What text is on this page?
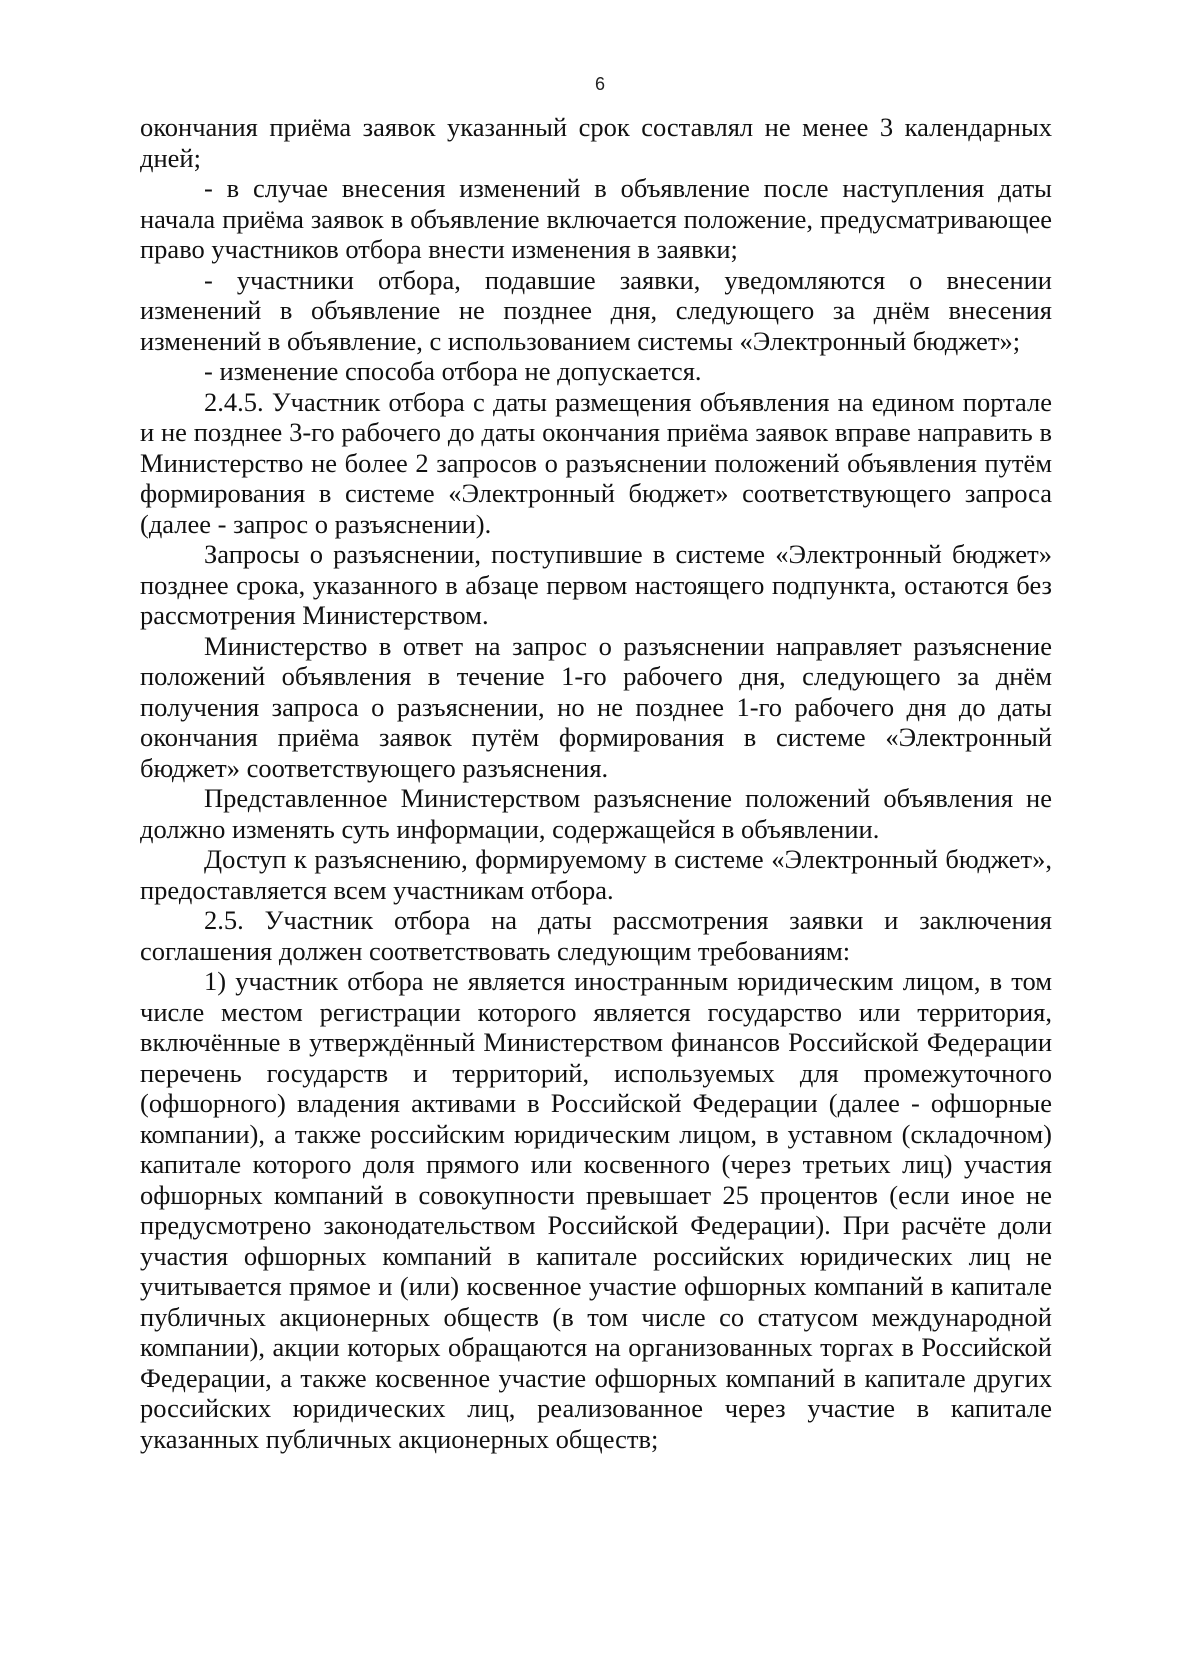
6

окончания приёма заявок указанный срок составлял не менее 3 календарных дней;

- в случае внесения изменений в объявление после наступления даты начала приёма заявок в объявление включается положение, предусматривающее право участников отбора внести изменения в заявки;

- участники отбора, подавшие заявки, уведомляются о внесении изменений в объявление не позднее дня, следующего за днём внесения изменений в объявление, с использованием системы «Электронный бюджет»;

- изменение способа отбора не допускается.

2.4.5. Участник отбора с даты размещения объявления на едином портале и не позднее 3-го рабочего до даты окончания приёма заявок вправе направить в Министерство не более 2 запросов о разъяснении положений объявления путём формирования в системе «Электронный бюджет» соответствующего запроса (далее - запрос о разъяснении).

Запросы о разъяснении, поступившие в системе «Электронный бюджет» позднее срока, указанного в абзаце первом настоящего подпункта, остаются без рассмотрения Министерством.

Министерство в ответ на запрос о разъяснении направляет разъяснение положений объявления в течение 1-го рабочего дня, следующего за днём получения запроса о разъяснении, но не позднее 1-го рабочего дня до даты окончания приёма заявок путём формирования в системе «Электронный бюджет» соответствующего разъяснения.

Представленное Министерством разъяснение положений объявления не должно изменять суть информации, содержащейся в объявлении.

Доступ к разъяснению, формируемому в системе «Электронный бюджет», предоставляется всем участникам отбора.

2.5. Участник отбора на даты рассмотрения заявки и заключения соглашения должен соответствовать следующим требованиям:

1) участник отбора не является иностранным юридическим лицом, в том числе местом регистрации которого является государство или территория, включённые в утверждённый Министерством финансов Российской Федерации перечень государств и территорий, используемых для промежуточного (офшорного) владения активами в Российской Федерации (далее - офшорные компании), а также российским юридическим лицом, в уставном (складочном) капитале которого доля прямого или косвенного (через третьих лиц) участия офшорных компаний в совокупности превышает 25 процентов (если иное не предусмотрено законодательством Российской Федерации). При расчёте доли участия офшорных компаний в капитале российских юридических лиц не учитывается прямое и (или) косвенное участие офшорных компаний в капитале публичных акционерных обществ (в том числе со статусом международной компании), акции которых обращаются на организованных торгах в Российской Федерации, а также косвенное участие офшорных компаний в капитале других российских юридических лиц, реализованное через участие в капитале указанных публичных акционерных обществ;
